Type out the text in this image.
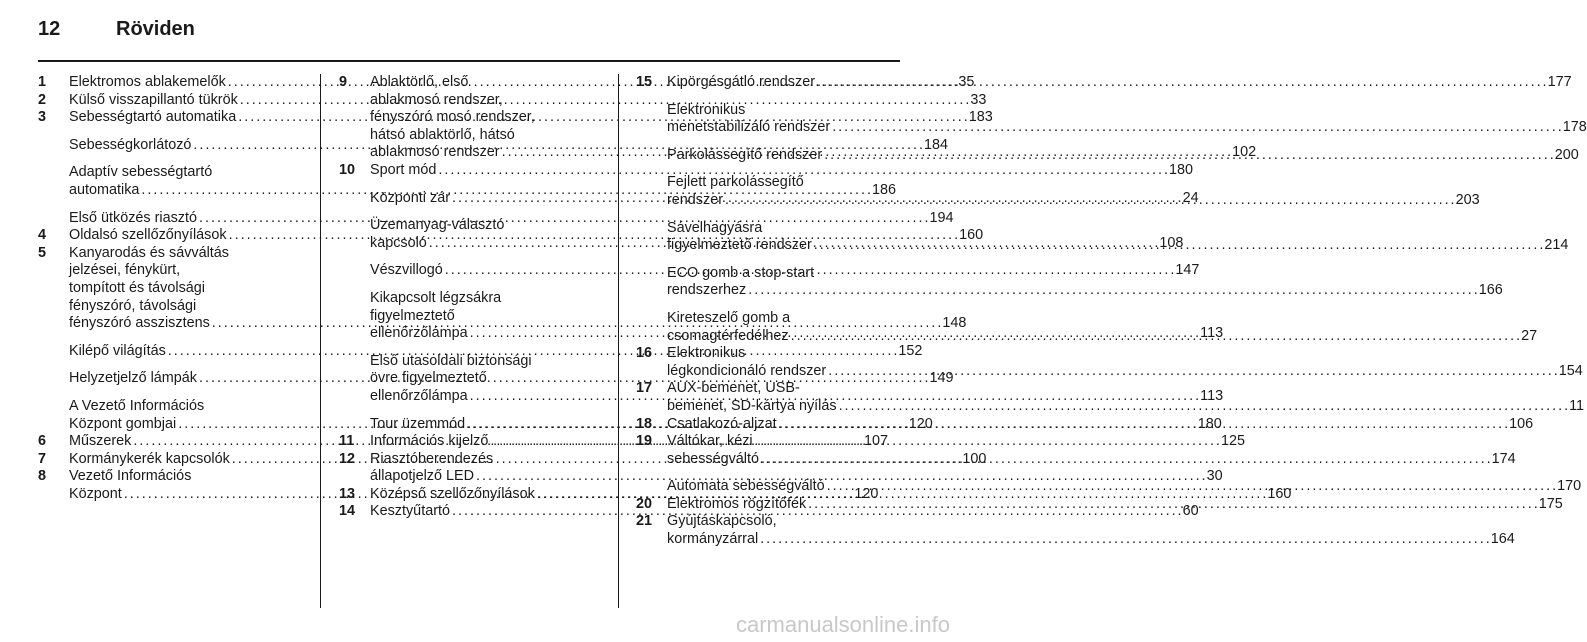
12	Röviden
1	Elektromos ablakemelők . . .	35
2	Külső visszapillantó tükrök . . .	33
3	Sebességtartó automatika . . .	183
Sebességkorlátozó . . .	184
Adaptív sebességtartó
automatika . . .	186
Első ütközés riasztó . . .	194
4	Oldalsó szellőzőnyílások . . .	160
5	Kanyarodás és sávváltás
jelzései, fénykürt,
tompított és távolsági
fényszóró, távolsági
fényszóró asszisztens . . .	148
Kilépő világítás . . .	152
Helyzetjelző lámpák . . .	149
A Vezető Információs
Központ gombjai . . .	120
6	Műszerek . . .	107
7	Kormánykerék kapcsolók . . .	100
8	Vezető Információs
Központ . . .	120
9	Ablaktörlő, első
ablakmosó rendszer,
fényszóró mosó rendszer,
hátsó ablaktörlő, hátsó
ablakmosó rendszer . . .	102
10	Sport mód . . .	180
Központi zár . . .	24
Üzemanyag-választó
kapcsoló . . .	108
Vészvillogó . . .	147
Kikapcsolt légzsákra
figyelmeztető
ellenőrzőlámpa . . .	113
Első utasoldali biztonsági
övre figyelmeztető
ellenőrzőlámpa . . .	113
Tour üzemmód . . .	180
11	Információs kijelző . . .	125
12	Riasztóberendezés
állapotjelző LED . . .	30
13	Középső szellőzőnyílások . . .	160
14	Kesztyűtartó . . .	60
15	Kipörgésgátló rendszer . . .	177
Elektronikus
menetstabilizáló rendszer . . .	178
Parkolássegítő rendszer . . .	200
Fejlett parkolássegítő
rendszer . . .	203
Sávelhagyásra
figyelmeztető rendszer . . .	214
ECO gomb a stop-start
rendszerhez . . .	166
Kireteszelő gomb a
csomagtérfedélhez . . .	27
16	Elektronikus
légkondicionáló rendszer . . .	154
17	AUX-bemenet, USB-
bemenet, SD-kártya nyílás . . .	11
18	Csatlakozó-aljzat . . .	106
19	Váltókar, kézi
sebességváltó . . .	174
Automata sebességváltó . . .	170
20	Elektromos rögzítőfék . . .	175
21	Gyújtáskapcsoló,
kormányzárral . . .	164
carmanualsonline.info
